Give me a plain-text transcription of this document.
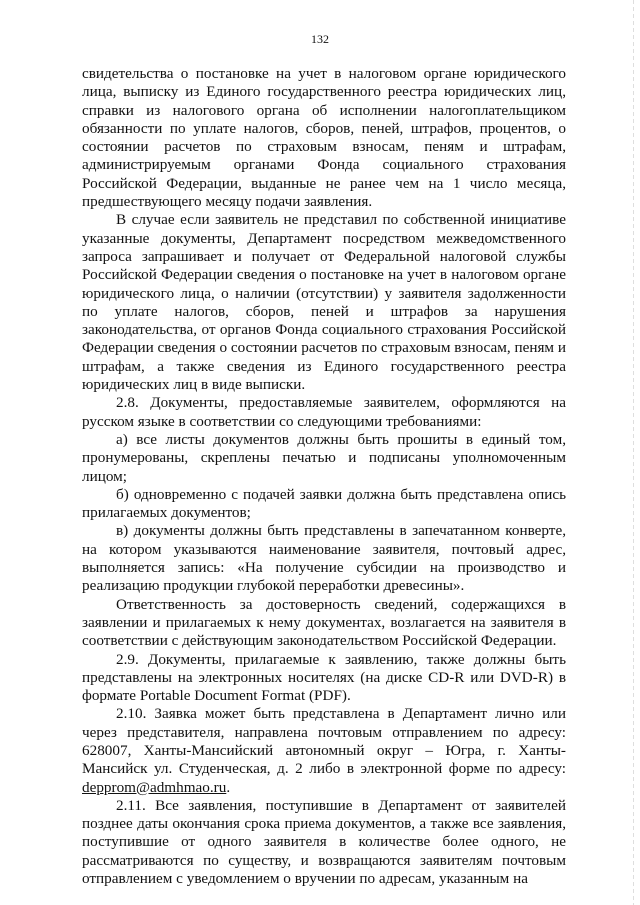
132

свидетельства о постановке на учет в налоговом органе юридического лица, выписку из Единого государственного реестра юридических лиц, справки из налогового органа об исполнении налогоплательщиком обязанности по уплате налогов, сборов, пеней, штрафов, процентов, о состоянии расчетов по страховым взносам, пеням и штрафам, администрируемым органами Фонда социального страхования Российской Федерации, выданные не ранее чем на 1 число месяца, предшествующего месяцу подачи заявления.

В случае если заявитель не представил по собственной инициативе указанные документы, Департамент посредством межведомственного запроса запрашивает и получает от Федеральной налоговой службы Российской Федерации сведения о постановке на учет в налоговом органе юридического лица, о наличии (отсутствии) у заявителя задолженности по уплате налогов, сборов, пеней и штрафов за нарушения законодательства, от органов Фонда социального страхования Российской Федерации сведения о состоянии расчетов по страховым взносам, пеням и штрафам, а также сведения из Единого государственного реестра юридических лиц в виде выписки.

2.8. Документы, предоставляемые заявителем, оформляются на русском языке в соответствии со следующими требованиями:

а) все листы документов должны быть прошиты в единый том, пронумерованы, скреплены печатью и подписаны уполномоченным лицом;

б) одновременно с подачей заявки должна быть представлена опись прилагаемых документов;

в) документы должны быть представлены в запечатанном конверте, на котором указываются наименование заявителя, почтовый адрес, выполняется запись: «На получение субсидии на производство и реализацию продукции глубокой переработки древесины».

Ответственность за достоверность сведений, содержащихся в заявлении и прилагаемых к нему документах, возлагается на заявителя в соответствии с действующим законодательством Российской Федерации.

2.9. Документы, прилагаемые к заявлению, также должны быть представлены на электронных носителях (на диске CD-R или DVD-R) в формате Portable Document Format (PDF).

2.10. Заявка может быть представлена в Департамент лично или через представителя, направлена почтовым отправлением по адресу: 628007, Ханты-Мансийский автономный округ – Югра, г. Ханты-Мансийск ул. Студенческая, д. 2 либо в электронной форме по адресу: depprom@admhmao.ru.

2.11. Все заявления, поступившие в Департамент от заявителей позднее даты окончания срока приема документов, а также все заявления, поступившие от одного заявителя в количестве более одного, не рассматриваются по существу, и возвращаются заявителям почтовым отправлением с уведомлением о вручении по адресам, указанным на
